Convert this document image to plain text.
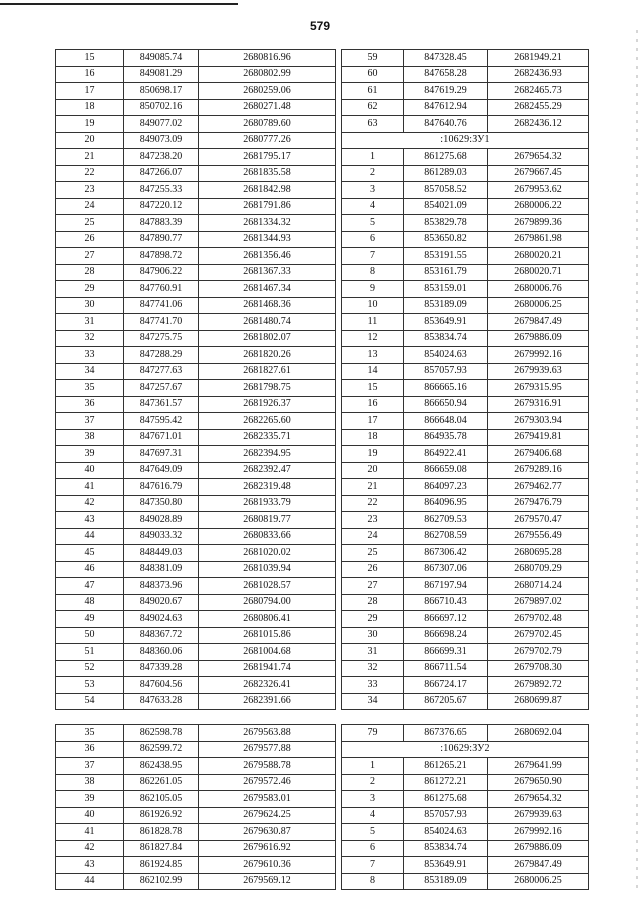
579
15	849085.74	2680816.96
16	849081.29	2680802.99
17	850698.17	2680259.06
18	850702.16	2680271.48
19	849077.02	2680789.60
20	849073.09	2680777.26
21	847238.20	2681795.17
22	847266.07	2681835.58
23	847255.33	2681842.98
24	847220.12	2681791.86
25	847883.39	2681334.32
26	847890.77	2681344.93
27	847898.72	2681356.46
28	847906.22	2681367.33
29	847760.91	2681467.34
30	847741.06	2681468.36
31	847741.70	2681480.74
32	847275.75	2681802.07
33	847288.29	2681820.26
34	847277.63	2681827.61
35	847257.67	2681798.75
36	847361.57	2681926.37
37	847595.42	2682265.60
38	847671.01	2682335.71
39	847697.31	2682394.95
40	847649.09	2682392.47
41	847616.79	2682319.48
42	847350.80	2681933.79
43	849028.89	2680819.77
44	849033.32	2680833.66
45	848449.03	2681020.02
46	848381.09	2681039.94
47	848373.96	2681028.57
48	849020.67	2680794.00
49	849024.63	2680806.41
50	848367.72	2681015.86
51	848360.06	2681004.68
52	847339.28	2681941.74
53	847604.56	2682326.41
54	847633.28	2682391.66
59	847328.45	2681949.21
60	847658.28	2682436.93
61	847619.29	2682465.73
62	847612.94	2682455.29
63	847640.76	2682436.12
:10629:ЗУ1		
1	861275.68	2679654.32
2	861289.03	2679667.45
3	857058.52	2679953.62
4	854021.09	2680006.22
5	853829.78	2679899.36
6	853650.82	2679861.98
7	853191.55	2680020.21
8	853161.79	2680020.71
9	853159.01	2680006.76
10	853189.09	2680006.25
11	853649.91	2679847.49
12	853834.74	2679886.09
13	854024.63	2679992.16
14	857057.93	2679939.63
15	866665.16	2679315.95
16	866650.94	2679316.91
17	866648.04	2679303.94
18	864935.78	2679419.81
19	864922.41	2679406.68
20	866659.08	2679289.16
21	864097.23	2679462.77
22	864096.95	2679476.79
23	862709.53	2679570.47
24	862708.59	2679556.49
25	867306.42	2680695.28
26	867307.06	2680709.29
27	867197.94	2680714.24
28	866710.43	2679897.02
29	866697.12	2679702.48
30	866698.24	2679702.45
31	866699.31	2679702.79
32	866711.54	2679708.30
33	866724.17	2679892.72
34	867205.67	2680699.87
35	862598.78	2679563.88
36	862599.72	2679577.88
37	862438.95	2679588.78
38	862261.05	2679572.46
39	862105.05	2679583.01
40	861926.92	2679624.25
41	861828.78	2679630.87
42	861827.84	2679616.92
43	861924.85	2679610.36
44	862102.99	2679569.12
79	867376.65	2680692.04
:10629:ЗУ2		
1	861265.21	2679641.99
2	861272.21	2679650.90
3	861275.68	2679654.32
4	857057.93	2679939.63
5	854024.63	2679992.16
6	853834.74	2679886.09
7	853649.91	2679847.49
8	853189.09	2680006.25
